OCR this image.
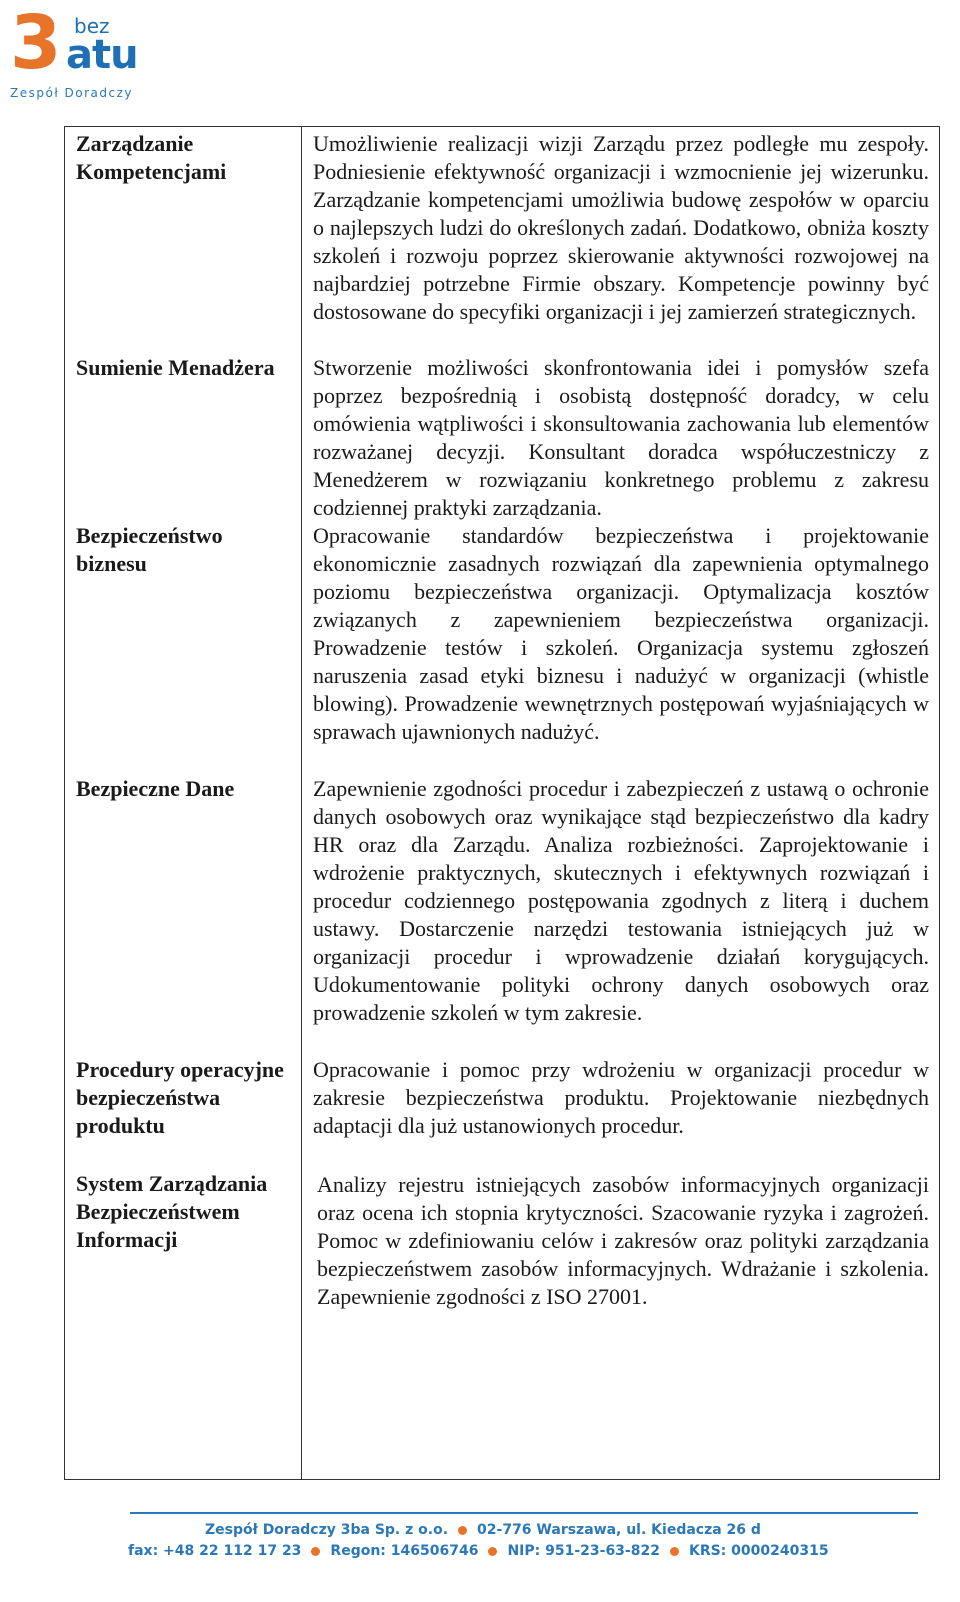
3 bez
atu
Zespół Doradczy
Zarządzanie Kompetencjami
Umożliwienie realizacji wizji Zarządu przez podległe mu zespoły. Podniesienie efektywność organizacji i wzmocnienie jej wizerunku. Zarządzanie kompetencjami umożliwia budowę zespołów w oparciu o najlepszych ludzi do określonych zadań. Dodatkowo, obniża koszty szkoleń i rozwoju poprzez skierowanie aktywności rozwojowej na najbardziej potrzebne Firmie obszary. Kompetencje powinny być dostosowane do specyfiki organizacji i jej zamierzeń strategicznych.
Sumienie Menadżera	Stworzenie możliwości skonfrontowania idei i pomysłów szefa poprzez bezpośrednią i osobistą dostępność doradcy, w celu omówienia wątpliwości i skonsultowania zachowania lub elementów rozważanej decyzji. Konsultant doradca współuczestniczy z Menedżerem w rozwiązaniu konkretnego problemu z zakresu codziennej praktyki zarządzania.
Bezpieczeństwo biznesu
Opracowanie standardów bezpieczeństwa i projektowanie ekonomicznie zasadnych rozwiązań dla zapewnienia optymalnego poziomu bezpieczeństwa organizacji. Optymalizacja kosztów związanych z zapewnieniem bezpieczeństwa organizacji. Prowadzenie testów i szkoleń. Organizacja systemu zgłoszeń naruszenia zasad etyki biznesu i nadużyć w organizacji (whistle blowing). Prowadzenie wewnętrznych postępowań wyjaśniających w sprawach ujawnionych nadużyć.
Bezpieczne Dane	Zapewnienie zgodności procedur i zabezpieczeń z ustawą o ochronie danych osobowych oraz wynikające stąd bezpieczeństwo dla kadry HR oraz dla Zarządu. Analiza rozbieżności. Zaprojektowanie i wdrożenie praktycznych, skutecznych i efektywnych rozwiązań i procedur codziennego postępowania zgodnych z literą i duchem ustawy. Dostarczenie narzędzi testowania istniejących już w organizacji procedur i wprowadzenie działań korygujących. Udokumentowanie polityki ochrony danych osobowych oraz prowadzenie szkoleń w tym zakresie.
Procedury operacyjne bezpieczeństwa produktu
Opracowanie i pomoc przy wdrożeniu w organizacji procedur w zakresie bezpieczeństwa produktu. Projektowanie niezbędnych adaptacji dla już ustanowionych procedur.
System Zarządzania Bezpieczeństwem Informacji
Analizy rejestru istniejących zasobów informacyjnych organizacji oraz ocena ich stopnia krytyczności. Szacowanie ryzyka i zagrożeń. Pomoc w zdefiniowaniu celów i zakresów oraz polityki zarządzania bezpieczeństwem zasobów informacyjnych. Wdrażanie i szkolenia. Zapewnienie zgodności z ISO 27001.
Zespół Doradczy 3ba Sp. z o.o. 02-776 Warszawa, ul. Kiedacza 26 d
fax: +48 22 112 17 23 Regon: 146506746 NIP: 951-23-63-822 KRS: 0000240315
